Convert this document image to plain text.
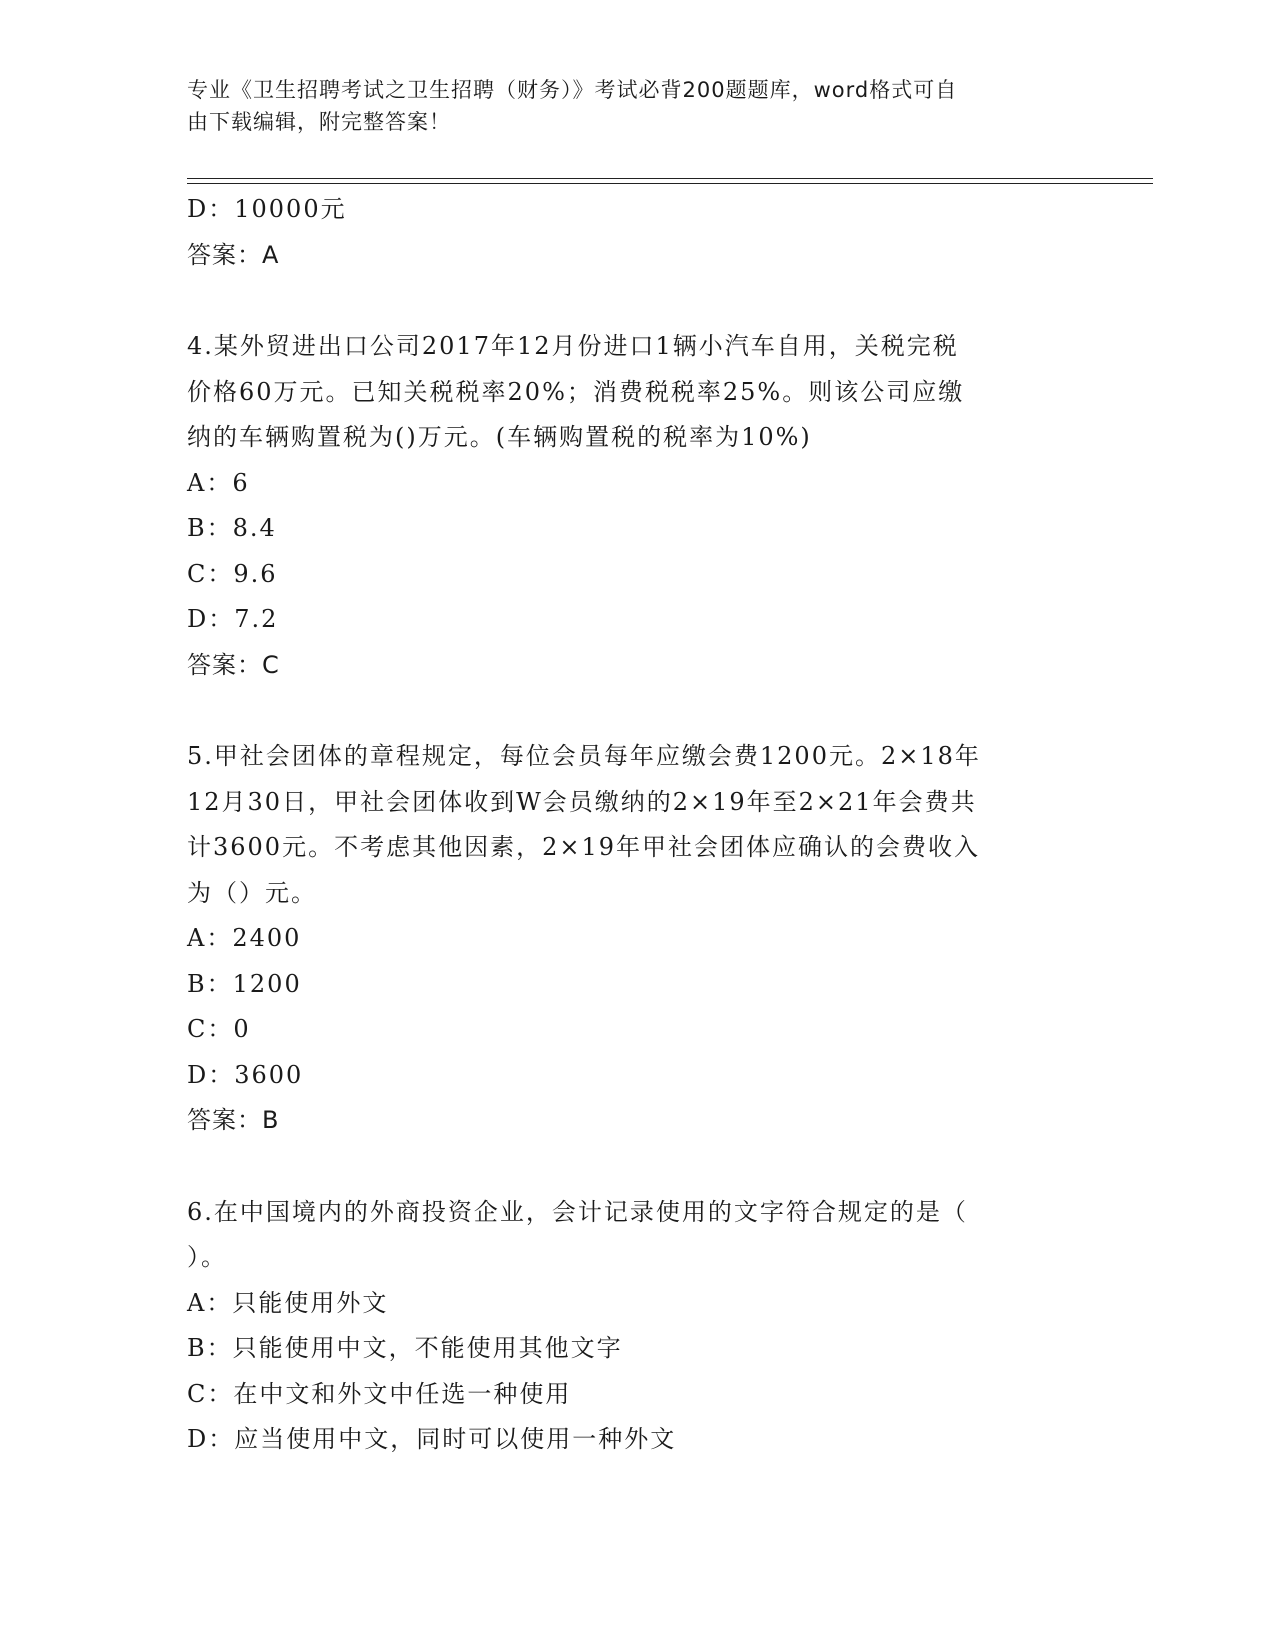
专业《卫生招聘考试之卫生招聘（财务）》考试必背200题题库，word格式可自
由下载编辑，附完整答案！
D：10000元
答案：A
4.某外贸进出口公司2017年12月份进口1辆小汽车自用，关税完税
价格60万元。已知关税税率20%；消费税税率25%。则该公司应缴
纳的车辆购置税为()万元。(车辆购置税的税率为10%)
A：6
B：8.4
C：9.6
D：7.2
答案：C
5.甲社会团体的章程规定，每位会员每年应缴会费1200元。2×18年
12月30日，甲社会团体收到W会员缴纳的2×19年至2×21年会费共
计3600元。不考虑其他因素，2×19年甲社会团体应确认的会费收入
为（）元。
A：2400
B：1200
C：0
D：3600
答案：B
6.在中国境内的外商投资企业，会计记录使用的文字符合规定的是（
）。
A：只能使用外文
B：只能使用中文，不能使用其他文字
C：在中文和外文中任选一种使用
D：应当使用中文，同时可以使用一种外文
